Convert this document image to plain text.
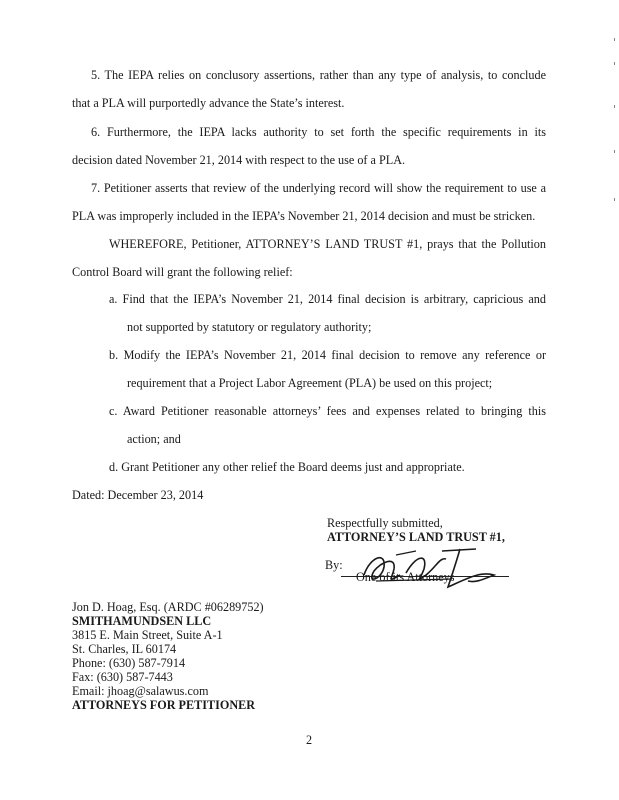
5. The IEPA relies on conclusory assertions, rather than any type of analysis, to conclude
that a PLA will purportedly advance the State’s interest.
6. Furthermore, the IEPA lacks authority to set forth the specific requirements in its
decision dated November 21, 2014 with respect to the use of a PLA.
7. Petitioner asserts that review of the underlying record will show the requirement to use a
PLA was improperly included in the IEPA’s November 21, 2014 decision and must be stricken.
WHEREFORE, Petitioner, ATTORNEY’S LAND TRUST #1, prays that the Pollution
Control Board will grant the following relief:
a. Find that the IEPA’s November 21, 2014 final decision is arbitrary, capricious and
not supported by statutory or regulatory authority;
b. Modify the IEPA’s November 21, 2014 final decision to remove any reference or
requirement that a Project Labor Agreement (PLA) be used on this project;
c. Award Petitioner reasonable attorneys’ fees and expenses related to bringing this
action; and
d. Grant Petitioner any other relief the Board deems just and appropriate.
Dated: December 23, 2014
Respectfully submitted,
ATTORNEY’S LAND TRUST #1,
By:
One of its Attorneys
Jon D. Hoag, Esq. (ARDC #06289752)
SMITHAMUNDSEN LLC
3815 E. Main Street, Suite A-1
St. Charles, IL 60174
Phone: (630) 587-7914
Fax: (630) 587-7443
Email: jhoag@salawus.com
ATTORNEYS FOR PETITIONER
2
